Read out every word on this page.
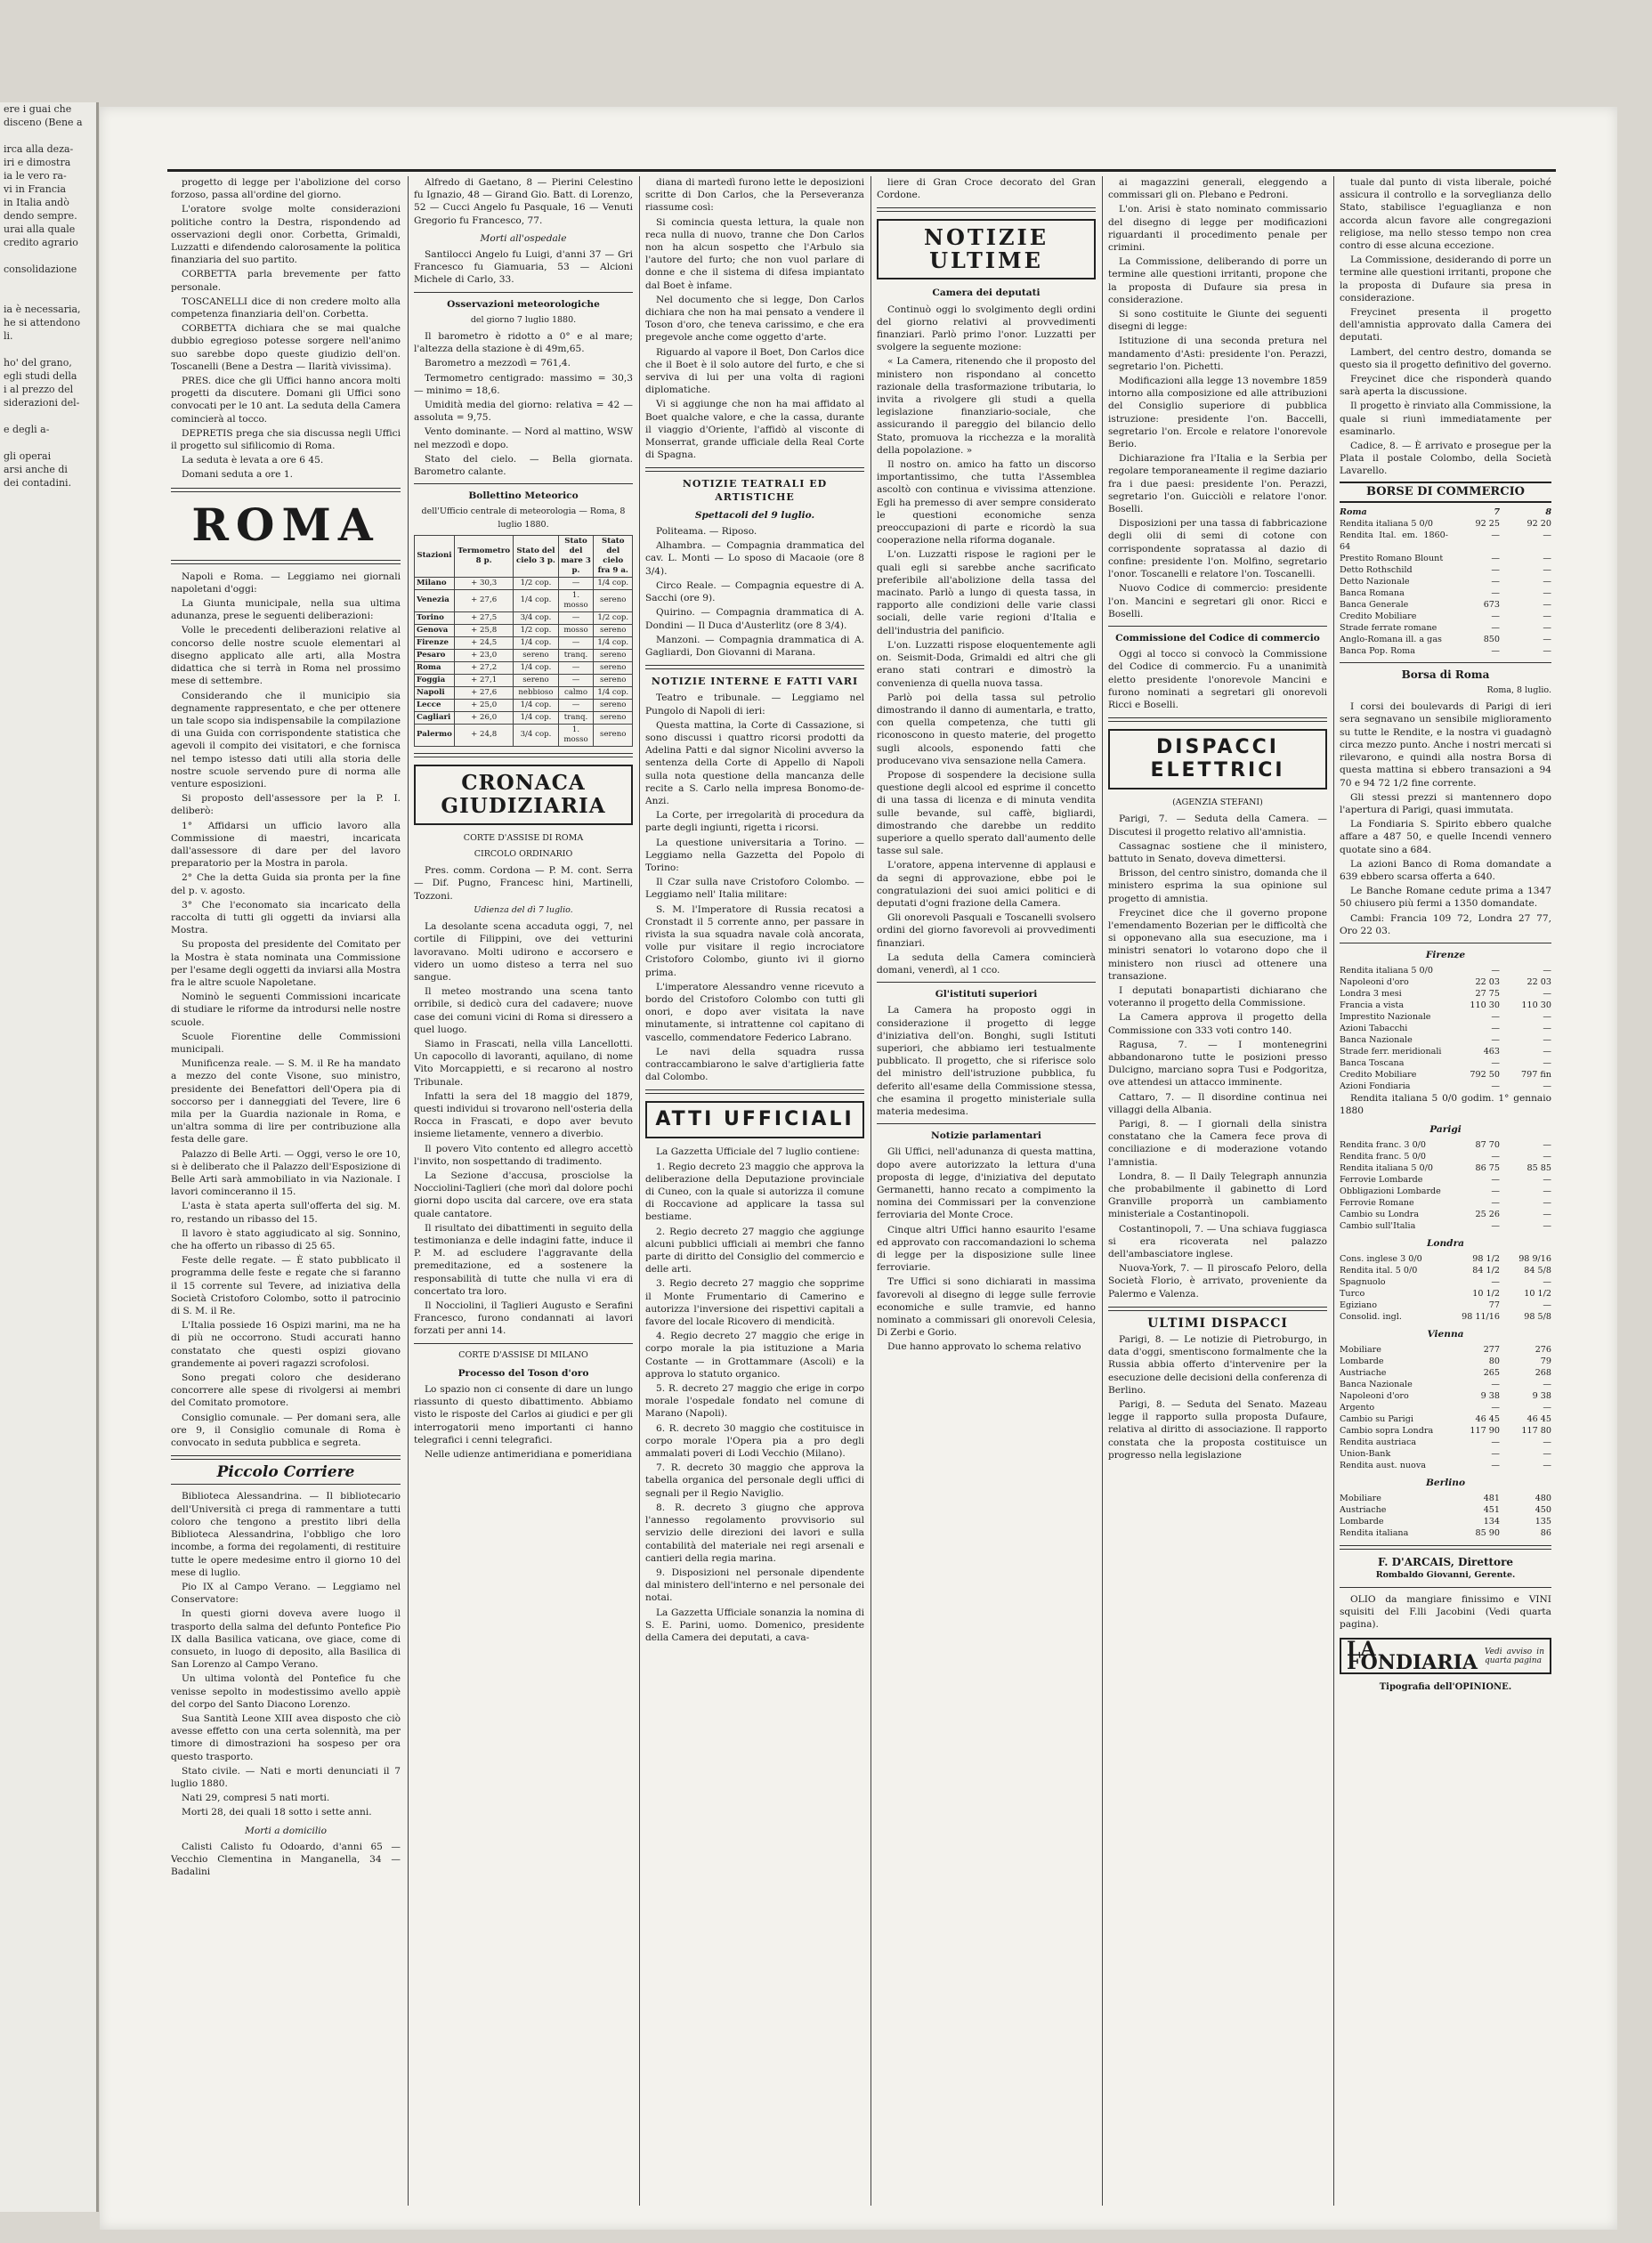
ere i guai che
disceno (Bene a

irca alla deza-
iri e dimostra
ia le vero ra-
vi in Francia
in Italia andò
dendo sempre.
urai alla quale
credito agrario

consolidazione

ia è necessaria,
he si attendono
li.

ho' del grano,
egli studi della
i al prezzo del
siderazioni del-

e degli a-

gli operai
arsi anche di
dei contadini.

progetto di legge per l'abolizione del corso forzoso, passa all'ordine del giorno.

L'oratore svolge molte considerazioni politiche contro la Destra, rispondendo ad osservazioni degli onor. Corbetta, Grimaldi, Luzzatti e difendendo calorosamente la politica finanziaria del suo partito.

CORBETTA parla brevemente per fatto personale.

TOSCANELLI dice di non credere molto alla competenza finanziaria dell'on. Corbetta.

CORBETTA dichiara che se mai qualche dubbio egregioso potesse sorgere nell'animo suo sarebbe dopo queste giudizio dell'on. Toscanelli (Bene a Destra — Ilarità vivissima).

PRES. dice che gli Uffici hanno ancora molti progetti da discutere. Domani gli Uffici sono convocati per le 10 ant. La seduta della Camera comincierà al tocco.

DEPRETIS prega che sia discussa negli Uffici il progetto sul sifilicomio di Roma.

La seduta è levata a ore 6 45.

Domani seduta a ore 1.

ROMA

Napoli e Roma. — Leggiamo nei giornali napoletani d'oggi:

La Giunta municipale, nella sua ultima adunanza, prese le seguenti deliberazioni:

Volle le precedenti deliberazioni relative al concorso delle nostre scuole elementari al disegno applicato alle arti, alla Mostra didattica che si terrà in Roma nel prossimo mese di settembre.

Considerando che il municipio sia degnamente rappresentato, e che per ottenere un tale scopo sia indispensabile la compilazione di una Guida con corrispondente statistica che agevoli il compito dei visitatori, e che fornisca nel tempo istesso dati utili alla storia delle nostre scuole servendo pure di norma alle venture esposizioni.

Si proposto dell'assessore per la P. I. deliberò:

1° Affidarsi un ufficio lavoro alla Commissione di maestri, incaricata dall'assessore di dare per del lavoro preparatorio per la Mostra in parola.

2° Che la detta Guida sia pronta per la fine del p. v. agosto.

3° Che l'economato sia incaricato della raccolta di tutti gli oggetti da inviarsi alla Mostra.

Su proposta del presidente del Comitato per la Mostra è stata nominata una Commissione per l'esame degli oggetti da inviarsi alla Mostra fra le altre scuole Napoletane.

Nominò le seguenti Commissioni incaricate di studiare le riforme da introdursi nelle nostre scuole.

Scuole Fiorentine delle Commissioni municipali.

Munificenza reale. — S. M. il Re ha mandato a mezzo del conte Visone, suo ministro, presidente dei Benefattori dell'Opera pia di soccorso per i danneggiati del Tevere, lire 6 mila per la Guardia nazionale in Roma, e un'altra somma di lire per contribuzione alla festa delle gare.

Palazzo di Belle Arti. — Oggi, verso le ore 10, si è deliberato che il Palazzo dell'Esposizione di Belle Arti sarà ammobiliato in via Nazionale. I lavori cominceranno il 15.

L'asta è stata aperta sull'offerta del sig. M. ro, restando un ribasso del 15.

Il lavoro è stato aggiudicato al sig. Sonnino, che ha offerto un ribasso di 25 65.

Feste delle regate. — È stato pubblicato il programma delle feste e regate che si faranno il 15 corrente sul Tevere, ad iniziativa della Società Cristoforo Colombo, sotto il patrocinio di S. M. il Re.

L'Italia possiede 16 Ospizi marini, ma ne ha di più ne occorrono. Studi accurati hanno constatato che questi ospizi giovano grandemente ai poveri ragazzi scrofolosi.

Sono pregati coloro che desiderano concorrere alle spese di rivolgersi ai membri del Comitato promotore.

Consiglio comunale. — Per domani sera, alle ore 9, il Consiglio comunale di Roma è convocato in seduta pubblica e segreta.

Piccolo Corriere

Biblioteca Alessandrina. — Il bibliotecario dell'Università ci prega di rammentare a tutti coloro che tengono a prestito libri della Biblioteca Alessandrina, l'obbligo che loro incombe, a forma dei regolamenti, di restituire tutte le opere medesime entro il giorno 10 del mese di luglio.

Pio IX al Campo Verano. — Leggiamo nel Conservatore:

In questi giorni doveva avere luogo il trasporto della salma del defunto Pontefice Pio IX dalla Basilica vaticana, ove giace, come di consueto, in luogo di deposito, alla Basilica di San Lorenzo al Campo Verano.

Un ultima volontà del Pontefice fu che venisse sepolto in modestissimo avello appiè del corpo del Santo Diacono Lorenzo.

Sua Santità Leone XIII avea disposto che ciò avesse effetto con una certa solennità, ma per timore di dimostrazioni ha sospeso per ora questo trasporto.

Stato civile. — Nati e morti denunciati il 7 luglio 1880.

Nati 29, compresi 5 nati morti.

Morti 28, dei quali 18 sotto i sette anni.

Morti a domicilio

Calisti Calisto fu Odoardo, d'anni 65 — Vecchio Clementina in Manganella, 34 — Badalini

Alfredo di Gaetano, 8 — Pierini Celestino fu Ignazio, 48 — Girand Gio. Batt. di Lorenzo, 52 — Cucci Angelo fu Pasquale, 16 — Venuti Gregorio fu Francesco, 77.

Morti all'ospedale

Santilocci Angelo fu Luigi, d'anni 37 — Gri Francesco fu Giamuaria, 53 — Alcioni Michele di Carlo, 33.

Osservazioni meteorologiche
del giorno 7 luglio 1880.

Il barometro è ridotto a 0° e al mare; l'altezza della stazione è di 49m,65.

Barometro a mezzodì = 761,4.

Termometro centigrado: massimo = 30,3 — minimo = 18,6.

Umidità media del giorno: relativa = 42 — assoluta = 9,75.

Vento dominante. — Nord al mattino, WSW nel mezzodì e dopo.

Stato del cielo. — Bella giornata. Barometro calante.

Bollettino Meteorico
dell'Ufficio centrale di meteorologia — Roma, 8 luglio 1880.
Stazioni	Termometro 8 p.	Stato del cielo 3 p.	Stato del mare 3 p.	Stato del cielo fra 9 a.
Milano	+ 30,3	1/2 cop.	—	1/4 cop.
Venezia	+ 27,6	1/4 cop.	1. mosso	sereno
Torino	+ 27,5	3/4 cop.	—	1/2 cop.
Genova	+ 25,8	1/2 cop.	mosso	sereno
Firenze	+ 24,5	1/4 cop.	—	1/4 cop.
Pesaro	+ 23,0	sereno	tranq.	sereno
Roma	+ 27,2	1/4 cop.	—	sereno
Foggia	+ 27,1	sereno	—	sereno
Napoli	+ 27,6	nebbioso	calmo	1/4 cop.
Lecce	+ 25,0	1/4 cop.	—	sereno
Cagliari	+ 26,0	1/4 cop.	tranq.	sereno
Palermo	+ 24,8	3/4 cop.	1. mosso	sereno
CRONACA GIUDIZIARIA
CORTE D'ASSISE DI ROMA
CIRCOLO ORDINARIO

Pres. comm. Cordona — P. M. cont. Serra — Dif. Pugno, Francesc hini, Martinelli, Tozzoni.

Udienza del dì 7 luglio.

La desolante scena accaduta oggi, 7, nel cortile di Filippini, ove dei vetturini lavoravano. Molti udirono e accorsero e videro un uomo disteso a terra nel suo sangue.

Il meteo mostrando una scena tanto orribile, si dedicò cura del cadavere; nuove case dei comuni vicini di Roma si diressero a quel luogo.

Siamo in Frascati, nella villa Lancellotti. Un capocollo di lavoranti, aquilano, di nome Vito Morcappietti, e si recarono al nostro Tribunale.

Infatti la sera del 18 maggio del 1879, questi individui si trovarono nell'osteria della Rocca in Frascati, e dopo aver bevuto insieme lietamente, vennero a diverbio.

Il povero Vito contento ed allegro accettò l'invito, non sospettando di tradimento.

La Sezione d'accusa, prosciolse la Nocciolini-Taglieri (che morì dal dolore pochi giorni dopo uscita dal carcere, ove era stata quale cantatore.

Il risultato dei dibattimenti in seguito della testimonianza e delle indagini fatte, induce il P. M. ad escludere l'aggravante della premeditazione, ed a sostenere la responsabilità di tutte che nulla vi era di concertato tra loro.

Il Nocciolini, il Taglieri Augusto e Serafini Francesco, furono condannati ai lavori forzati per anni 14.

CORTE D'ASSISE DI MILANO
Processo del Toson d'oro

Lo spazio non ci consente di dare un lungo riassunto di questo dibattimento. Abbiamo visto le risposte del Carlos ai giudici e per gli interrogatorii meno importanti ci hanno telegrafici i cenni telegrafici.

Nelle udienze antimeridiana e pomeridiana

diana di martedì furono lette le deposizioni scritte di Don Carlos, che la Perseveranza riassume così:

Si comincia questa lettura, la quale non reca nulla di nuovo, tranne che Don Carlos non ha alcun sospetto che l'Arbulo sia l'autore del furto; che non vuol parlare di donne e che il sistema di difesa impiantato dal Boet è infame.

Nel documento che si legge, Don Carlos dichiara che non ha mai pensato a vendere il Toson d'oro, che teneva carissimo, e che era pregevole anche come oggetto d'arte.

Riguardo al vapore il Boet, Don Carlos dice che il Boet è il solo autore del furto, e che si serviva di lui per una volta di ragioni diplomatiche.

Vi si aggiunge che non ha mai affidato al Boet qualche valore, e che la cassa, durante il viaggio d'Oriente, l'affidò al visconte di Monserrat, grande ufficiale della Real Corte di Spagna.

NOTIZIE TEATRALI ED ARTISTICHE
Spettacoli del 9 luglio.

Politeama. — Riposo.

Alhambra. — Compagnia drammatica del cav. L. Monti — Lo sposo di Macaoie (ore 8 3/4).

Circo Reale. — Compagnia equestre di A. Sacchi (ore 9).

Quirino. — Compagnia drammatica di A. Dondini — Il Duca d'Austerlitz (ore 8 3/4).

Manzoni. — Compagnia drammatica di A. Gagliardi, Don Giovanni di Marana.

NOTIZIE INTERNE E FATTI VARI

Teatro e tribunale. — Leggiamo nel Pungolo di Napoli di ieri:

Questa mattina, la Corte di Cassazione, si sono discussi i quattro ricorsi prodotti da Adelina Patti e dal signor Nicolini avverso la sentenza della Corte di Appello di Napoli sulla nota questione della mancanza delle recite a S. Carlo nella impresa Bonomo-de-Anzi.

La Corte, per irregolarità di procedura da parte degli ingiunti, rigetta i ricorsi.

La questione universitaria a Torino. — Leggiamo nella Gazzetta del Popolo di Torino:

Il Czar sulla nave Cristoforo Colombo. — Leggiamo nell' Italia militare:

S. M. l'Imperatore di Russia recatosi a Cronstadt il 5 corrente anno, per passare in rivista la sua squadra navale colà ancorata, volle pur visitare il regio incrociatore Cristoforo Colombo, giunto ivi il giorno prima.

L'imperatore Alessandro venne ricevuto a bordo del Cristoforo Colombo con tutti gli onori, e dopo aver visitata la nave minutamente, si intrattenne col capitano di vascello, commendatore Federico Labrano.

Le navi della squadra russa contraccambiarono le salve d'artiglieria fatte dal Colombo.

ATTI UFFICIALI

La Gazzetta Ufficiale del 7 luglio contiene:

1. Regio decreto 23 maggio che approva la deliberazione della Deputazione provinciale di Cuneo, con la quale si autorizza il comune di Roccavione ad applicare la tassa sul bestiame.

2. Regio decreto 27 maggio che aggiunge alcuni pubblici ufficiali ai membri che fanno parte di diritto del Consiglio del commercio e delle arti.

3. Regio decreto 27 maggio che sopprime il Monte Frumentario di Camerino e autorizza l'inversione dei rispettivi capitali a favore del locale Ricovero di mendicità.

4. Regio decreto 27 maggio che erige in corpo morale la pia istituzione a Maria Costante — in Grottammare (Ascoli) e la approva lo statuto organico.

5. R. decreto 27 maggio che erige in corpo morale l'ospedale fondato nel comune di Marano (Napoli).

6. R. decreto 30 maggio che costituisce in corpo morale l'Opera pia a pro degli ammalati poveri di Lodi Vecchio (Milano).

7. R. decreto 30 maggio che approva la tabella organica del personale degli uffici di segnali per il Regio Naviglio.

8. R. decreto 3 giugno che approva l'annesso regolamento provvisorio sul servizio delle direzioni dei lavori e sulla contabilità del materiale nei regi arsenali e cantieri della regia marina.

9. Disposizioni nel personale dipendente dal ministero dell'interno e nel personale dei notai.

La Gazzetta Ufficiale sonanzia la nomina di S. E. Parini, uomo. Domenico, presidente della Camera dei deputati, a cava-

liere di Gran Croce decorato del Gran Cordone.

NOTIZIE ULTIME
Camera dei deputati

Continuò oggi lo svolgimento degli ordini del giorno relativi al provvedimenti finanziari. Parlò primo l'onor. Luzzatti per svolgere la seguente mozione:

« La Camera, ritenendo che il proposto del ministero non rispondano al concetto razionale della trasformazione tributaria, lo invita a rivolgere gli studi a quella legislazione finanziario-sociale, che assicurando il pareggio del bilancio dello Stato, promuova la ricchezza e la moralità della popolazione. »

Il nostro on. amico ha fatto un discorso importantissimo, che tutta l'Assemblea ascoltò con continua e vivissima attenzione. Egli ha premesso di aver sempre considerato le questioni economiche senza preoccupazioni di parte e ricordò la sua cooperazione nella riforma doganale.

L'on. Luzzatti rispose le ragioni per le quali egli si sarebbe anche sacrificato preferibile all'abolizione della tassa del macinato. Parlò a lungo di questa tassa, in rapporto alle condizioni delle varie classi sociali, delle varie regioni d'Italia e dell'industria del panificio.

L'on. Luzzatti rispose eloquentemente agli on. Seismit-Doda, Grimaldi ed altri che gli erano stati contrari e dimostrò la convenienza di quella nuova tassa.

Parlò poi della tassa sul petrolio dimostrando il danno di aumentarla, e tratto, con quella competenza, che tutti gli riconoscono in questo materie, del progetto sugli alcools, esponendo fatti che producevano viva sensazione nella Camera.

Propose di sospendere la decisione sulla questione degli alcool ed esprime il concetto di una tassa di licenza e di minuta vendita sulle bevande, sul caffè, bigliardi, dimostrando che darebbe un reddito superiore a quello sperato dall'aumento delle tasse sul sale.

L'oratore, appena intervenne di applausi e da segni di approvazione, ebbe poi le congratulazioni dei suoi amici politici e di deputati d'ogni frazione della Camera.

Gli onorevoli Pasquali e Toscanelli svolsero ordini del giorno favorevoli ai provvedimenti finanziari.

La seduta della Camera comincierà domani, venerdì, al 1 cco.

Gl'istituti superiori

La Camera ha proposto oggi in considerazione il progetto di legge d'iniziativa dell'on. Bonghi, sugli Istituti superiori, che abbiamo ieri testualmente pubblicato. Il progetto, che si riferisce solo del ministro dell'istruzione pubblica, fu deferito all'esame della Commissione stessa, che esamina il progetto ministeriale sulla materia medesima.

Notizie parlamentari

Gli Uffici, nell'adunanza di questa mattina, dopo avere autorizzato la lettura d'una proposta di legge, d'iniziativa del deputato Germanetti, hanno recato a compimento la nomina dei Commissari per la convenzione ferroviaria del Monte Croce.

Cinque altri Uffici hanno esaurito l'esame ed approvato con raccomandazioni lo schema di legge per la disposizione sulle linee ferroviarie.

Tre Uffici si sono dichiarati in massima favorevoli al disegno di legge sulle ferrovie economiche e sulle tramvie, ed hanno nominato a commissari gli onorevoli Celesia, Di Zerbi e Gorio.

Due hanno approvato lo schema relativo

ai magazzini generali, eleggendo a commissari gli on. Plebano e Pedroni.

L'on. Arisi è stato nominato commissario del disegno di legge per modificazioni riguardanti il procedimento penale per crimini.

La Commissione, deliberando di porre un termine alle questioni irritanti, propone che la proposta di Dufaure sia presa in considerazione.

Si sono costituite le Giunte dei seguenti disegni di legge:

Istituzione di una seconda pretura nel mandamento d'Asti: presidente l'on. Perazzi, segretario l'on. Pichetti.

Modificazioni alla legge 13 novembre 1859 intorno alla composizione ed alle attribuzioni del Consiglio superiore di pubblica istruzione: presidente l'on. Baccelli, segretario l'on. Ercole e relatore l'onorevole Berio.

Dichiarazione fra l'Italia e la Serbia per regolare temporaneamente il regime daziario fra i due paesi: presidente l'on. Perazzi, segretario l'on. Guicciòli e relatore l'onor. Boselli.

Disposizioni per una tassa di fabbricazione degli olii di semi di cotone con corrispondente sopratassa al dazio di confine: presidente l'on. Molfino, segretario l'onor. Toscanelli e relatore l'on. Toscanelli.

Nuovo Codice di commercio: presidente l'on. Mancini e segretari gli onor. Ricci e Boselli.

Commissione del Codice di commercio

Oggi al tocco si convocò la Commissione del Codice di commercio. Fu a unanimità eletto presidente l'onorevole Mancini e furono nominati a segretari gli onorevoli Ricci e Boselli.

DISPACCI ELETTRICI
(AGENZIA STEFANI)

Parigi, 7. — Seduta della Camera. — Discutesi il progetto relativo all'amnistia.

Cassagnac sostiene che il ministero, battuto in Senato, doveva dimettersi.

Brisson, del centro sinistro, domanda che il ministero esprima la sua opinione sul progetto di amnistia.

Freycinet dice che il governo propone l'emendamento Bozerian per le difficoltà che si opponevano alla sua esecuzione, ma i ministri senatori lo votarono dopo che il ministero non riuscì ad ottenere una transazione.

I deputati bonapartisti dichiarano che voteranno il progetto della Commissione.

La Camera approva il progetto della Commissione con 333 voti contro 140.

Ragusa, 7. — I montenegrini abbandonarono tutte le posizioni presso Dulcigno, marciano sopra Tusi e Podgoritza, ove attendesi un attacco imminente.

Cattaro, 7. — Il disordine continua nei villaggi della Albania.

Parigi, 8. — I giornali della sinistra constatano che la Camera fece prova di conciliazione e di moderazione votando l'amnistia.

Londra, 8. — Il Daily Telegraph annunzia che probabilmente il gabinetto di Lord Granville proporrà un cambiamento ministeriale a Costantinopoli.

Costantinopoli, 7. — Una schiava fuggiasca si era ricoverata nel palazzo dell'ambasciatore inglese.

Nuova-York, 7. — Il piroscafo Peloro, della Società Florio, è arrivato, proveniente da Palermo e Valenza.

ULTIMI DISPACCI

Parigi, 8. — Le notizie di Pietroburgo, in data d'oggi, smentiscono formalmente che la Russia abbia offerto d'intervenire per la esecuzione delle decisioni della conferenza di Berlino.

Parigi, 8. — Seduta del Senato. Mazeau legge il rapporto sulla proposta Dufaure, relativa al diritto di associazione. Il rapporto constata che la proposta costituisce un progresso nella legislazione

tuale dal punto di vista liberale, poiché assicura il controllo e la sorveglianza dello Stato, stabilisce l'eguaglianza e non accorda alcun favore alle congregazioni religiose, ma nello stesso tempo non crea contro di esse alcuna eccezione.

La Commissione, desiderando di porre un termine alle questioni irritanti, propone che la proposta di Dufaure sia presa in considerazione.

Freycinet presenta il progetto dell'amnistia approvato dalla Camera dei deputati.

Lambert, del centro destro, domanda se questo sia il progetto definitivo del governo.

Freycinet dice che risponderà quando sarà aperta la discussione.

Il progetto è rinviato alla Commissione, la quale si riunì immediatamente per esaminarlo.

Cadice, 8. — È arrivato e prosegue per la Plata il postale Colombo, della Società Lavarello.

BORSE DI COMMERCIO
Roma	7	8
Rendita italiana 5 0/0	92 25	92 20
Rendita Ital. em. 1860-64
—	—
Prestito Romano Blount	—	—
Detto Rothschild	—	—
Detto Nazionale	—	—
Banca Romana	—	—
Banca Generale	673	—
Credito Mobiliare	—	—
Strade ferrate romane	—	—
Anglo-Romana ill. a gas	850	—
Banca Pop. Roma	—	—
Borsa di Roma
Roma, 8 luglio.

I corsi dei boulevards di Parigi di ieri sera segnavano un sensibile miglioramento su tutte le Rendite, e la nostra vi guadagnò circa mezzo punto. Anche i nostri mercati si rilevarono, e quindi alla nostra Borsa di questa mattina si ebbero transazioni a 94 70 e 94 72 1/2 fine corrente.

Gli stessi prezzi si mantennero dopo l'apertura di Parigi, quasi immutata.

La Fondiaria S. Spirito ebbero qualche affare a 487 50, e quelle Incendi vennero quotate sino a 684.

La azioni Banco di Roma domandate a 639 ebbero scarsa offerta a 640.

Le Banche Romane cedute prima a 1347 50 chiusero più fermi a 1350 domandate.

Cambi: Francia 109 72, Londra 27 77, Oro 22 03.

Firenze
Rendita italiana 5 0/0	—	—
Napoleoni d'oro	22 03	22 03
Londra 3 mesi	27 75	—
Francia a vista	110 30	110 30
Imprestito Nazionale	—	—
Azioni Tabacchi	—	—
Banca Nazionale	—	—
Strade ferr. meridionali	463	—
Banca Toscana	—	—
Credito Mobiliare	792 50	797 fin
Azioni Fondiaria	—	—

Rendita italiana 5 0/0 godim. 1° gennaio 1880

Parigi
Rendita franc. 3 0/0	87 70	—
Rendita franc. 5 0/0	—	—
Rendita italiana 5 0/0	86 75	85 85
Ferrovie Lombarde	—	—
Obbligazioni Lombarde	—	—
Ferrovie Romane	—	—
Cambio su Londra	25 26	—
Cambio sull'Italia	—	—
Londra
Cons. inglese 3 0/0	98 1/2	98 9/16
Rendita ital. 5 0/0	84 1/2	84 5/8
Spagnuolo	—	—
Turco	10 1/2	10 1/2
Egiziano	77	—
Consolid. ingl.	98 11/16	98 5/8
Vienna
Mobiliare	277	276
Lombarde	80	79
Austriache	265	268
Banca Nazionale	—	—
Napoleoni d'oro	9 38	9 38
Argento	—	—
Cambio su Parigi	46 45	46 45
Cambio sopra Londra	117 90	117 80
Rendita austriaca	—	—
Union-Bank	—	—
Rendita aust. nuova	—	—
Berlino
Mobiliare	481	480
Austriache	451	450
Lombarde	134	135
Rendita italiana	85 90	86
F. D'ARCAIS, Direttore
Rombaldo Giovanni, Gerente.

OLIO da mangiare finissimo e VINI squisiti del F.lli Jacobini (Vedi quarta pagina).

LA FONDIARIA Vedi avviso in quarta pagina
Tipografia dell'OPINIONE.
